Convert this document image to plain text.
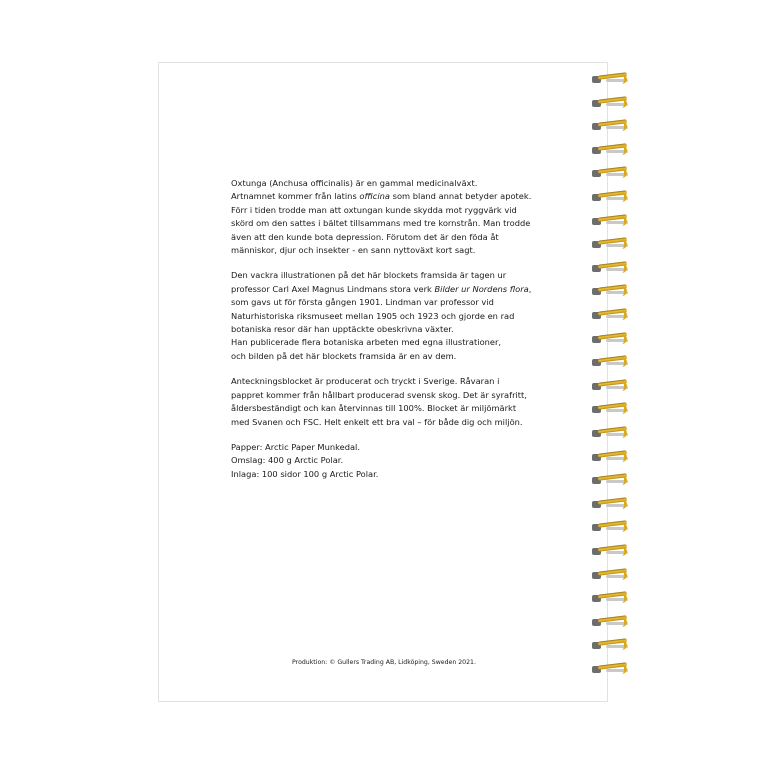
Oxtunga (Anchusa officinalis) är en gammal medicinalväxt.
Artnamnet kommer från latins officina som bland annat betyder apotek.
Förr i tiden trodde man att oxtungan kunde skydda mot ryggvärk vid
skörd om den sattes i bältet tillsammans med tre kornstrån. Man trodde
även att den kunde bota depression. Förutom det är den föda åt
människor, djur och insekter - en sann nyttoväxt kort sagt.

Den vackra illustrationen på det här blockets framsida är tagen ur
professor Carl Axel Magnus Lindmans stora verk Bilder ur Nordens flora,
som gavs ut för första gången 1901. Lindman var professor vid
Naturhistoriska riksmuseet mellan 1905 och 1923 och gjorde en rad
botaniska resor där han upptäckte obeskrivna växter.
Han publicerade flera botaniska arbeten med egna illustrationer,
och bilden på det här blockets framsida är en av dem.

Anteckningsblocket är producerat och tryckt i Sverige. Råvaran i
pappret kommer från hållbart producerad svensk skog. Det är syrafritt,
åldersbeständigt och kan återvinnas till 100%. Blocket är miljömärkt
med Svanen och FSC. Helt enkelt ett bra val – för både dig och miljön.

Papper: Arctic Paper Munkedal.
Omslag: 400 g Arctic Polar.
Inlaga: 100 sidor 100 g Arctic Polar.

Produktion: © Gullers Trading AB, Lidköping, Sweden 2021.
